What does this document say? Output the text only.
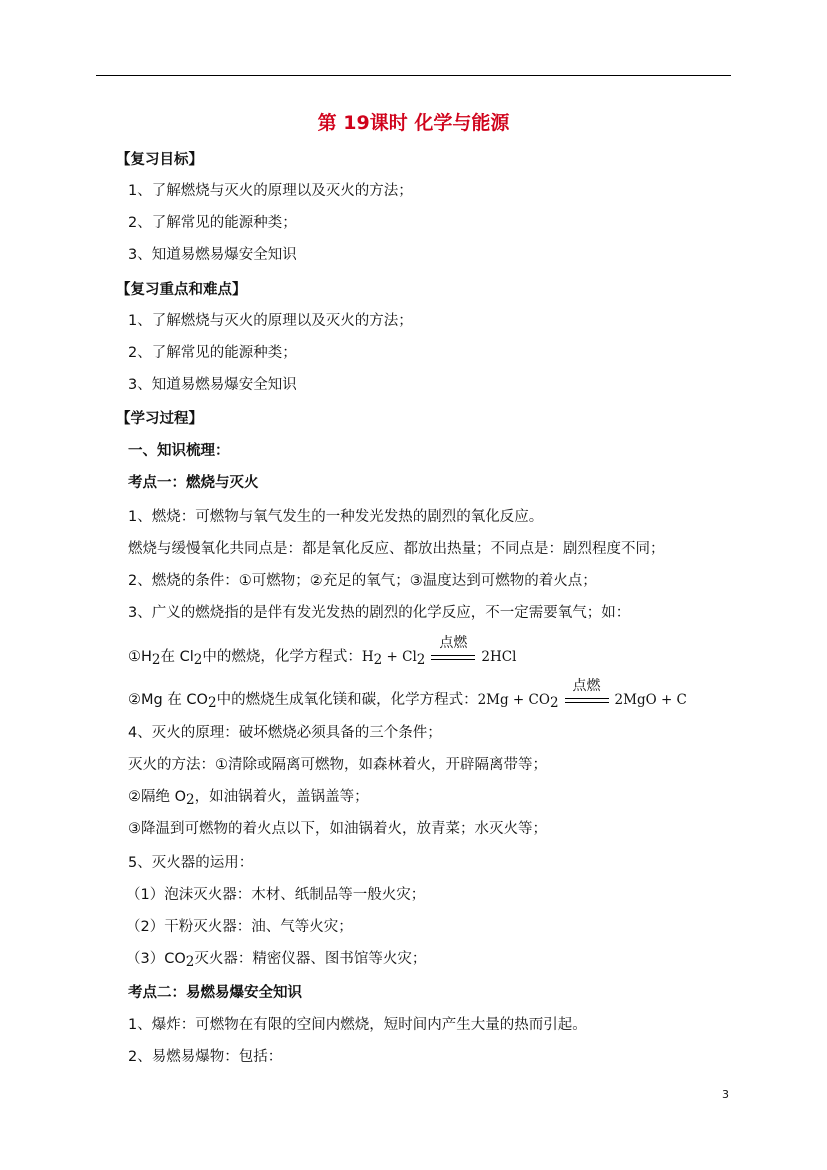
第 19课时 化学与能源
【复习目标】
1、了解燃烧与灭火的原理以及灭火的方法；
2、了解常见的能源种类；
3、知道易燃易爆安全知识
【复习重点和难点】
1、了解燃烧与灭火的原理以及灭火的方法；
2、了解常见的能源种类；
3、知道易燃易爆安全知识
【学习过程】
一、知识梳理：
考点一：燃烧与灭火
1、燃烧：可燃物与氧气发生的一种发光发热的剧烈的氧化反应。
燃烧与缓慢氧化共同点是：都是氧化反应、都放出热量；不同点是：剧烈程度不同；
2、燃烧的条件：①可燃物；②充足的氧气；③温度达到可燃物的着火点；
3、广义的燃烧指的是伴有发光发热的剧烈的化学反应，不一定需要氧气；如：
$①H_2$在 $Cl_2$中的燃烧，化学方程式：$H_2 + Cl_2$
点燃
2HCl
②Mg 在 $CO_2$中的燃烧生成氧化镁和碳，化学方程式：$2Mg + CO_2$
点燃
2MgO + C
4、灭火的原理：破坏燃烧必须具备的三个条件；
灭火的方法：①清除或隔离可燃物，如森林着火，开辟隔离带等；
②隔绝 $O_2$，如油锅着火，盖锅盖等；
③降温到可燃物的着火点以下，如油锅着火，放青菜；水灭火等；
5、灭火器的运用：
（1）泡沫灭火器：木材、纸制品等一般火灾；
（2）干粉灭火器：油、气等火灾；
$(3)CO_2$灭火器：精密仪器、图书馆等火灾；
考点二：易燃易爆安全知识
1、爆炸：可燃物在有限的空间内燃烧，短时间内产生大量的热而引起。
2、易燃易爆物：包括：
3
